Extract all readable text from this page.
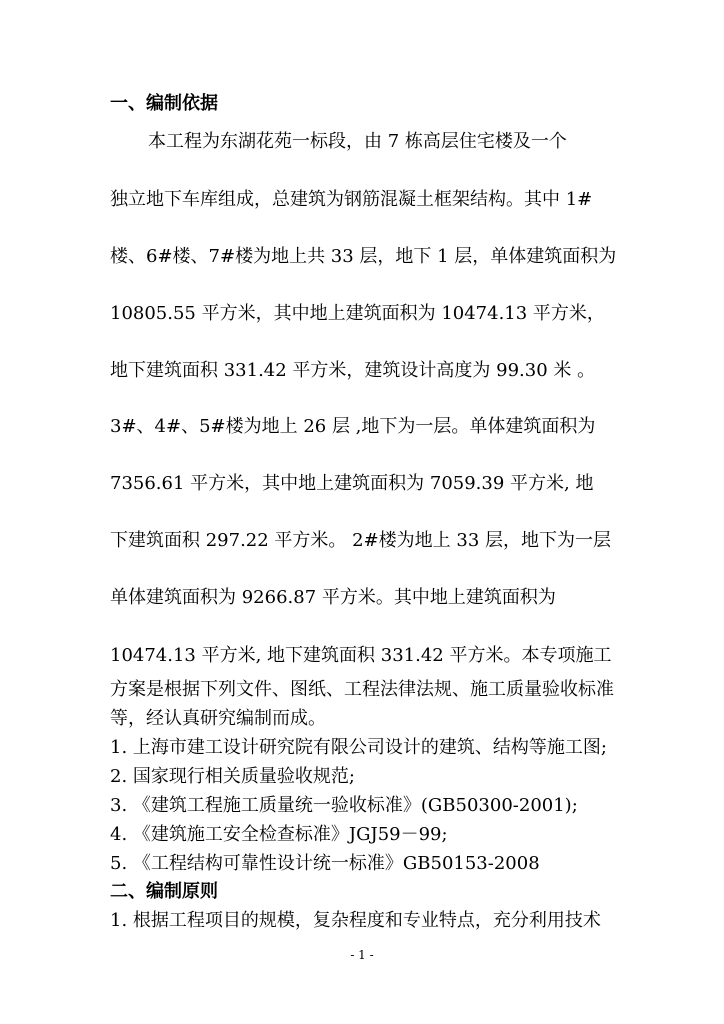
一、编制依据
本工程为东湖花苑一标段，由 7 栋高层住宅楼及一个
独立地下车库组成，总建筑为钢筋混凝土框架结构。其中 1#
楼、6#楼、7#楼为地上共 33 层，地下 1 层，单体建筑面积为
10805.55 平方米，其中地上建筑面积为 10474.13 平方米，
地下建筑面积 331.42 平方米，建筑设计高度为 99.30 米 。
3#、4#、5#楼为地上 26 层 ,地下为一层。单体建筑面积为
7356.61 平方米，其中地上建筑面积为 7059.39 平方米, 地
下建筑面积 297.22 平方米。 2#楼为地上 33 层，地下为一层
单体建筑面积为 9266.87 平方米。其中地上建筑面积为
10474.13 平方米, 地下建筑面积 331.42 平方米。本专项施工
方案是根据下列文件、图纸、工程法律法规、施工质量验收标准
等，经认真研究编制而成。
1. 上海市建工设计研究院有限公司设计的建筑、结构等施工图;
2. 国家现行相关质量验收规范;
3. 《建筑工程施工质量统一验收标准》(GB50300-2001);
4. 《建筑施工安全检查标准》JGJ59－99;
5. 《工程结构可靠性设计统一标准》GB50153-2008
二、编制原则
1. 根据工程项目的规模，复杂程度和专业特点，充分利用技术
- 1 -
